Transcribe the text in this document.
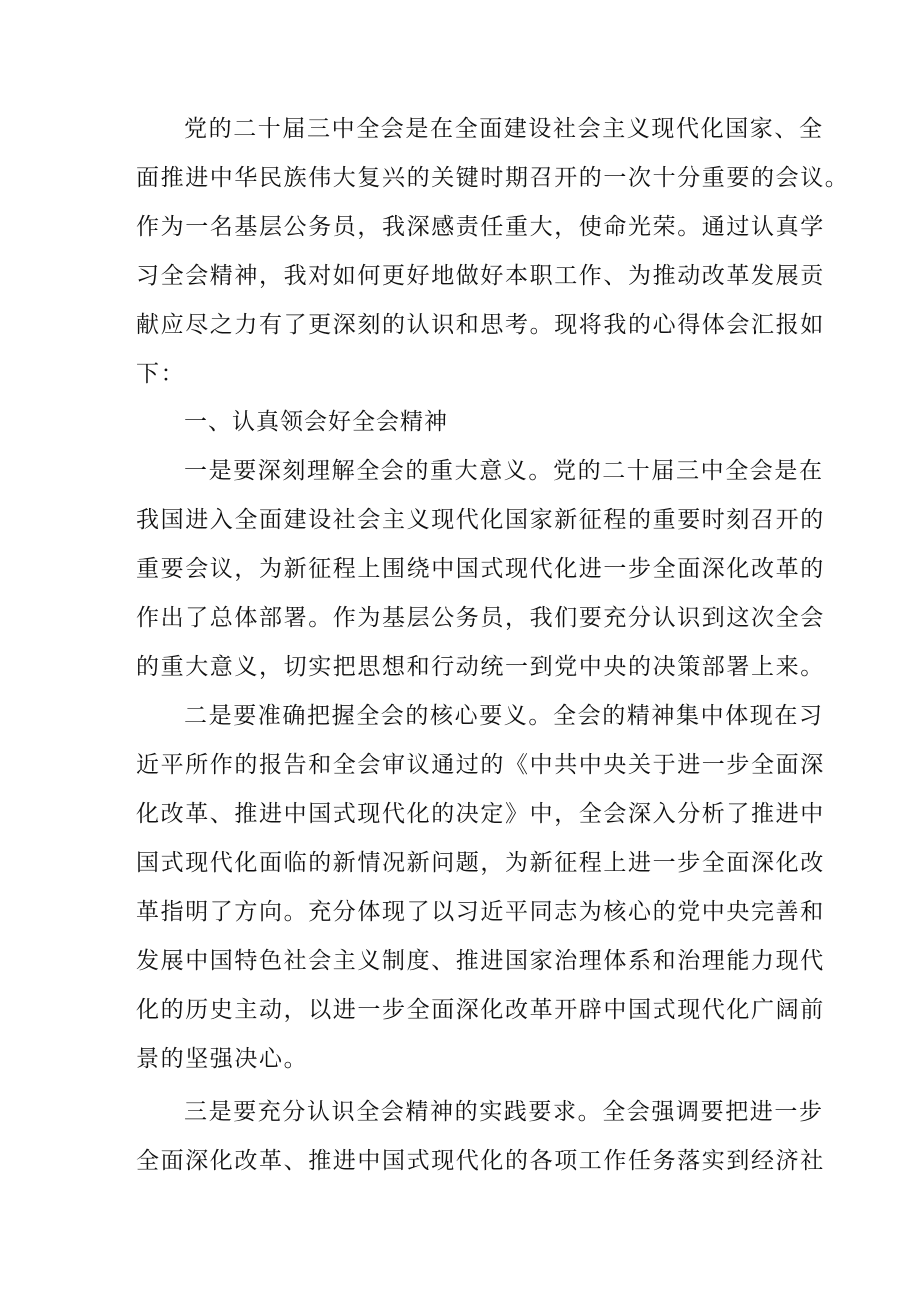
党的二十届三中全会是在全面建设社会主义现代化国家、全
面推进中华民族伟大复兴的关键时期召开的一次十分重要的会议。
作为一名基层公务员，我深感责任重大，使命光荣。通过认真学
习全会精神，我对如何更好地做好本职工作、为推动改革发展贡
献应尽之力有了更深刻的认识和思考。现将我的心得体会汇报如
下：
一、认真领会好全会精神
一是要深刻理解全会的重大意义。党的二十届三中全会是在
我国进入全面建设社会主义现代化国家新征程的重要时刻召开的
重要会议，为新征程上围绕中国式现代化进一步全面深化改革的
作出了总体部署。作为基层公务员，我们要充分认识到这次全会
的重大意义，切实把思想和行动统一到党中央的决策部署上来。
二是要准确把握全会的核心要义。全会的精神集中体现在习
近平所作的报告和全会审议通过的《中共中央关于进一步全面深
化改革、推进中国式现代化的决定》中，全会深入分析了推进中
国式现代化面临的新情况新问题，为新征程上进一步全面深化改
革指明了方向。充分体现了以习近平同志为核心的党中央完善和
发展中国特色社会主义制度、推进国家治理体系和治理能力现代
化的历史主动，以进一步全面深化改革开辟中国式现代化广阔前
景的坚强决心。
三是要充分认识全会精神的实践要求。全会强调要把进一步
全面深化改革、推进中国式现代化的各项工作任务落实到经济社
